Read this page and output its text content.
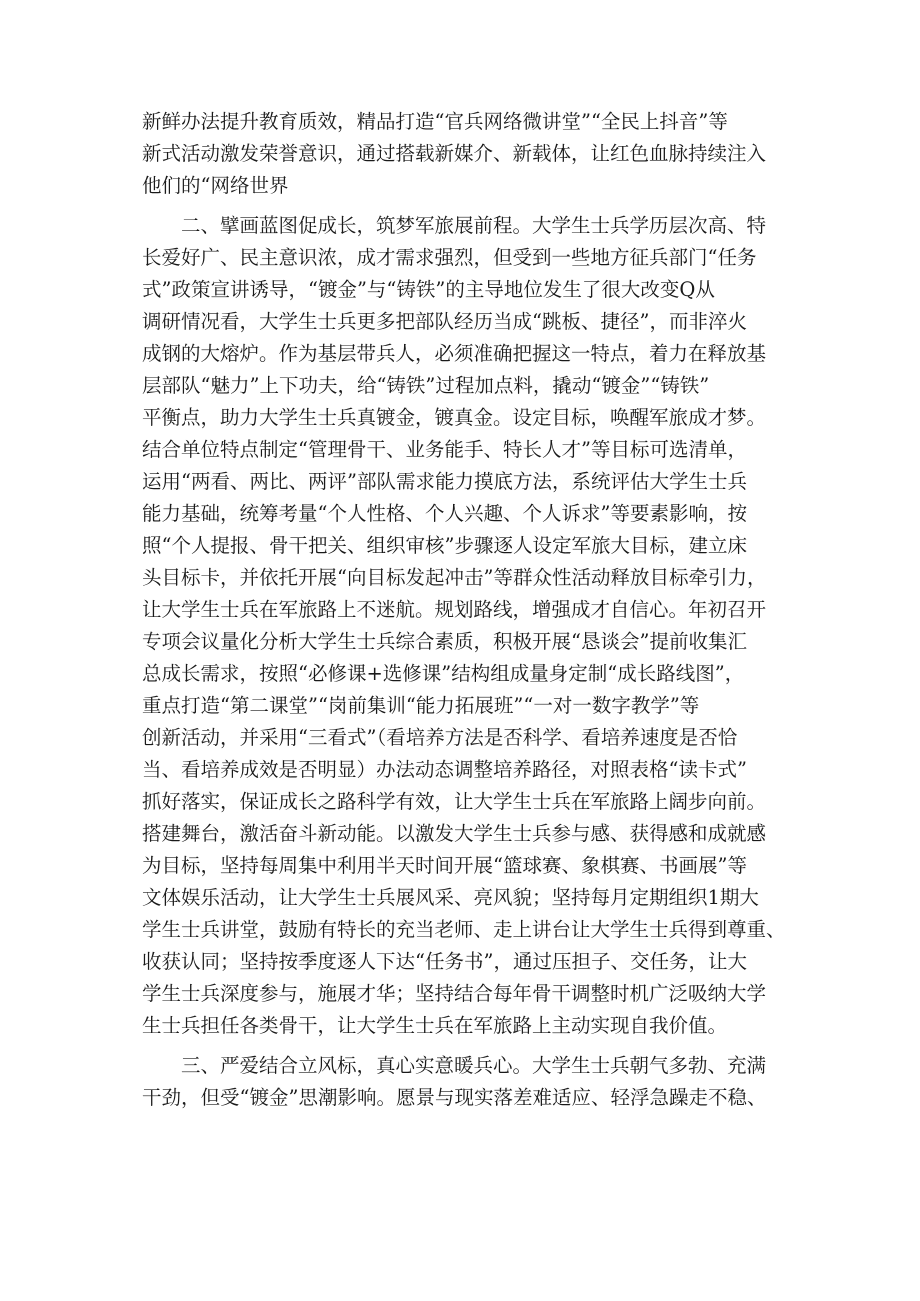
新鲜办法提升教育质效，精品打造“官兵网络微讲堂”“全民上抖音”等
新式活动激发荣誉意识，通过搭载新媒介、新载体，让红色血脉持续注入
他们的“网络世界
　　二、擘画蓝图促成长，筑梦军旅展前程。大学生士兵学历层次高、特
长爱好广、民主意识浓，成才需求强烈，但受到一些地方征兵部门“任务
式”政策宣讲诱导，“镀金”与“铸铁”的主导地位发生了很大改变Q从
调研情况看，大学生士兵更多把部队经历当成“跳板、捷径”，而非淬火
成钢的大熔炉。作为基层带兵人，必须准确把握这一特点，着力在释放基
层部队“魅力”上下功夫，给“铸铁”过程加点料，撬动“镀金”“铸铁”
平衡点，助力大学生士兵真镀金，镀真金。设定目标，唤醒军旅成才梦。
结合单位特点制定“管理骨干、业务能手、特长人才”等目标可选清单，
运用“两看、两比、两评”部队需求能力摸底方法，系统评估大学生士兵
能力基础，统筹考量“个人性格、个人兴趣、个人诉求”等要素影响，按
照“个人提报、骨干把关、组织审核”步骤逐人设定军旅大目标，建立床
头目标卡，并依托开展“向目标发起冲击”等群众性活动释放目标牵引力，
让大学生士兵在军旅路上不迷航。规划路线，增强成才自信心。年初召开
专项会议量化分析大学生士兵综合素质，积极开展“恳谈会”提前收集汇
总成长需求，按照“必修课+选修课”结构组成量身定制“成长路线图”，
重点打造“第二课堂”“岗前集训“能力拓展班”“一对一数字教学”等
创新活动，并采用“三看式”（看培养方法是否科学、看培养速度是否恰
当、看培养成效是否明显）办法动态调整培养路径，对照表格“读卡式”
抓好落实，保证成长之路科学有效，让大学生士兵在军旅路上阔步向前。
搭建舞台，激活奋斗新动能。以激发大学生士兵参与感、获得感和成就感
为目标，坚持每周集中利用半天时间开展“篮球赛、象棋赛、书画展”等
文体娱乐活动，让大学生士兵展风采、亮风貌；坚持每月定期组织1期大
学生士兵讲堂，鼓励有特长的充当老师、走上讲台让大学生士兵得到尊重、
收获认同；坚持按季度逐人下达“任务书”，通过压担子、交任务，让大
学生士兵深度参与，施展才华；坚持结合每年骨干调整时机广泛吸纳大学
生士兵担任各类骨干，让大学生士兵在军旅路上主动实现自我价值。
　　三、严爱结合立风标，真心实意暖兵心。大学生士兵朝气多勃、充满
干劲，但受“镀金”思潮影响。愿景与现实落差难适应、轻浮急躁走不稳、
